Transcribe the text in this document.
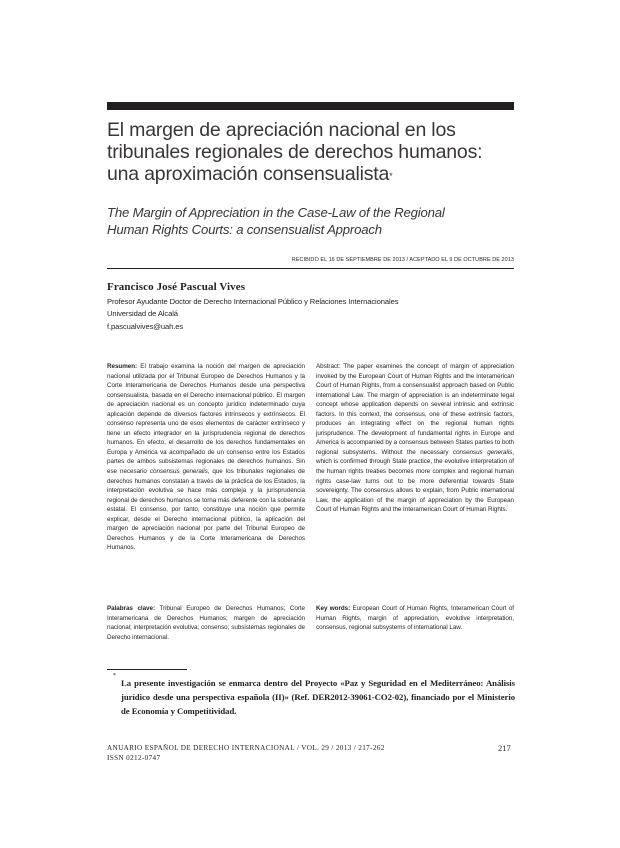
El margen de apreciación nacional en los
tribunales regionales de derechos humanos:
una aproximación consensualista*

The Margin of Appreciation in the Case-Law of the Regional
Human Rights Courts: a consensualist Approach

RECIBIDO EL 16 DE SEPTIEMBRE DE 2013 / ACEPTADO EL 9 DE OCTUBRE DE 2013
Francisco José Pascual Vives
Profesor Ayudante Doctor de Derecho Internacional Público y Relaciones Internacionales
Universidad de Alcalá
f.pascualvives@uah.es

Resumen: El trabajo examina la noción del margen de apreciación nacional utilizada por el Tribunal Europeo de Derechos Humanos y la Corte Interamericana de Derechos Humanos desde una perspectiva consensualista, basada en el Derecho internacional público. El margen de apreciación nacional es un concepto jurídico indeterminado cuya aplicación depende de diversos factores intrínsecos y extrínsecos. El consenso representa uno de esos elementos de carácter extrínseco y tiene un efecto integrador en la jurisprudencia regional de derechos humanos. En efecto, el desarrollo de los derechos fundamentales en Europa y América va acompañado de un consenso entre los Estados partes de ambos subsistemas regionales de derechos humanos. Sin ese necesario consensus generalis, que los tribunales regionales de derechos humanos constatan a través de la práctica de los Estados, la interpretación evolutiva se hace más compleja y la jurisprudencia regional de derechos humanos se torna más deferente con la soberanía estatal. El consenso, por tanto, constituye una noción que permite explicar, desde el Derecho internacional público, la aplicación del margen de apreciación nacional por parte del Tribunal Europeo de Derechos Humanos y de la Corte Interamericana de Derechos Humanos.

Abstract: The paper examines the concept of margin of appreciation invoked by the European Court of Human Rights and the Interamerican Court of Human Rights, from a consensualist approach based on Public international Law. The margin of appreciation is an indeterminate legal concept whose application depends on several intrinsic and extrinsic factors. In this context, the consensus, one of these extrinsic factors, produces an integrating effect on the regional human rights jurisprudence. The development of fundamental rights in Europe and America is accompanied by a consensus between States parties to both regional subsystems. Without the necessary consensus generalis, which is confirmed through State practice, the evolutive interpretation of the human rights treaties becomes more complex and regional human rights case-law turns out to be more deferential towards State sovereignty. The consensus allows to explain, from Public international Law, the application of the margin of appreciation by the European Court of Human Rights and the Interamerican Court of Human Rights.

Palabras clave: Tribunal Europeo de Derechos Humanos; Corte Interamericana de Derechos Humanos; margen de apreciación nacional; interpretación evolutiva; consenso; subsistemas regionales de Derecho internacional.

Key words: European Court of Human Rights, Interamerican Court of Human Rights, margin of appreciation, evolutive interpretation, consensus, regional subsystems of international Law.

*

La presente investigación se enmarca dentro del Proyecto «Paz y Seguridad en el Mediterráneo: Análisis jurídico desde una perspectiva española (II)» (Ref. DER2012-39061-CO2-02), financiado por el Ministerio de Economía y Competitividad.

ANUARIO ESPAÑOL DE DERECHO INTERNACIONAL / VOL. 29 / 2013 / 217-262
ISSN 0212-0747
217
